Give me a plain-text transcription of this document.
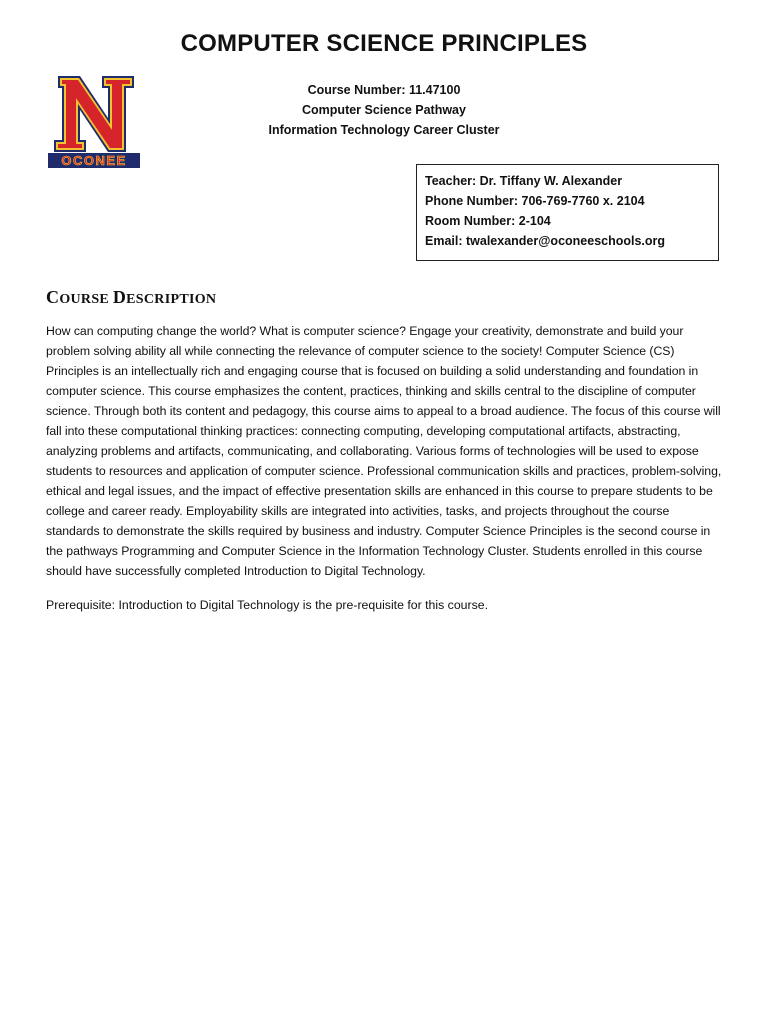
COMPUTER SCIENCE PRINCIPLES
OCONEE
Course Number: 11.47100
Computer Science Pathway
Information Technology Career Cluster
Teacher: Dr. Tiffany W. Alexander
Phone Number: 706-769-7760 x. 2104
Room Number: 2-104
Email: twalexander@oconeeschools.org
COURSE DESCRIPTION

How can computing change the world? What is computer science? Engage your creativity, demonstrate and build your problem solving ability all while connecting the relevance of computer science to the society! Computer Science (CS) Principles is an intellectually rich and engaging course that is focused on building a solid understanding and foundation in computer science. This course emphasizes the content, practices, thinking and skills central to the discipline of computer science. Through both its content and pedagogy, this course aims to appeal to a broad audience. The focus of this course will fall into these computational thinking practices: connecting computing, developing computational artifacts, abstracting, analyzing problems and artifacts, communicating, and collaborating. Various forms of technologies will be used to expose students to resources and application of computer science. Professional communication skills and practices, problem-solving, ethical and legal issues, and the impact of effective presentation skills are enhanced in this course to prepare students to be college and career ready. Employability skills are integrated into activities, tasks, and projects throughout the course standards to demonstrate the skills required by business and industry. Computer Science Principles is the second course in the pathways Programming and Computer Science in the Information Technology Cluster. Students enrolled in this course should have successfully completed Introduction to Digital Technology.

Prerequisite: Introduction to Digital Technology is the pre-requisite for this course.
